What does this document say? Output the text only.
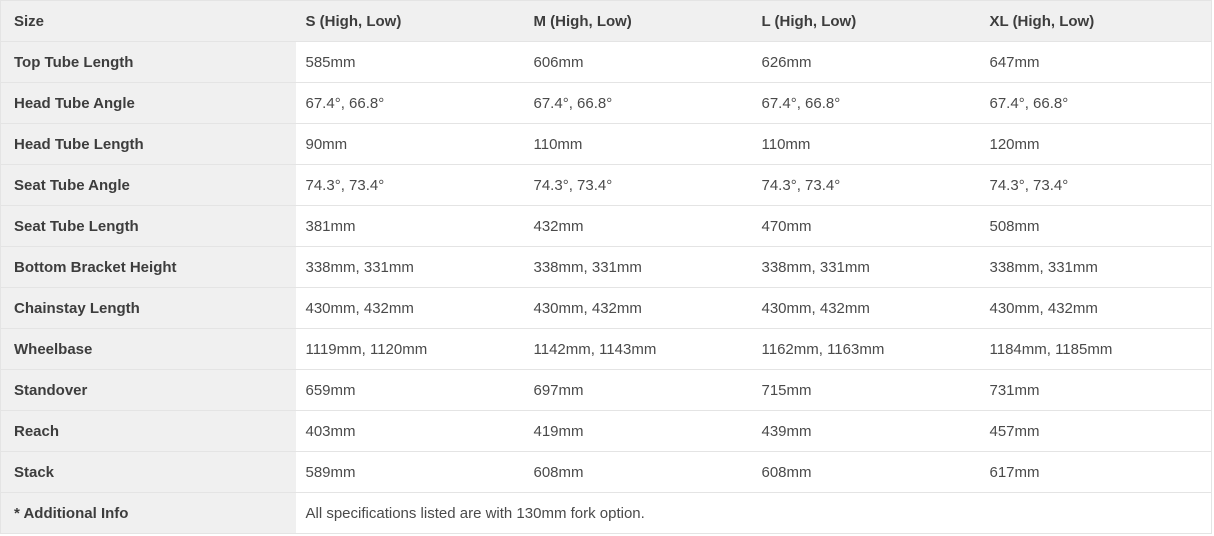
Size	S (High, Low)	M (High, Low)	L (High, Low)	XL (High, Low)
Top Tube Length	585mm	606mm	626mm	647mm
Head Tube Angle	67.4°, 66.8°	67.4°, 66.8°	67.4°, 66.8°	67.4°, 66.8°
Head Tube Length	90mm	110mm	110mm	120mm
Seat Tube Angle	74.3°, 73.4°	74.3°, 73.4°	74.3°, 73.4°	74.3°, 73.4°
Seat Tube Length	381mm	432mm	470mm	508mm
Bottom Bracket Height	338mm, 331mm	338mm, 331mm	338mm, 331mm	338mm, 331mm
Chainstay Length	430mm, 432mm	430mm, 432mm	430mm, 432mm	430mm, 432mm
Wheelbase	1119mm, 1120mm	1142mm, 1143mm	1162mm, 1163mm	1184mm, 1185mm
Standover	659mm	697mm	715mm	731mm
Reach	403mm	419mm	439mm	457mm
Stack	589mm	608mm	608mm	617mm
* Additional Info	All specifications listed are with 130mm fork option.			
